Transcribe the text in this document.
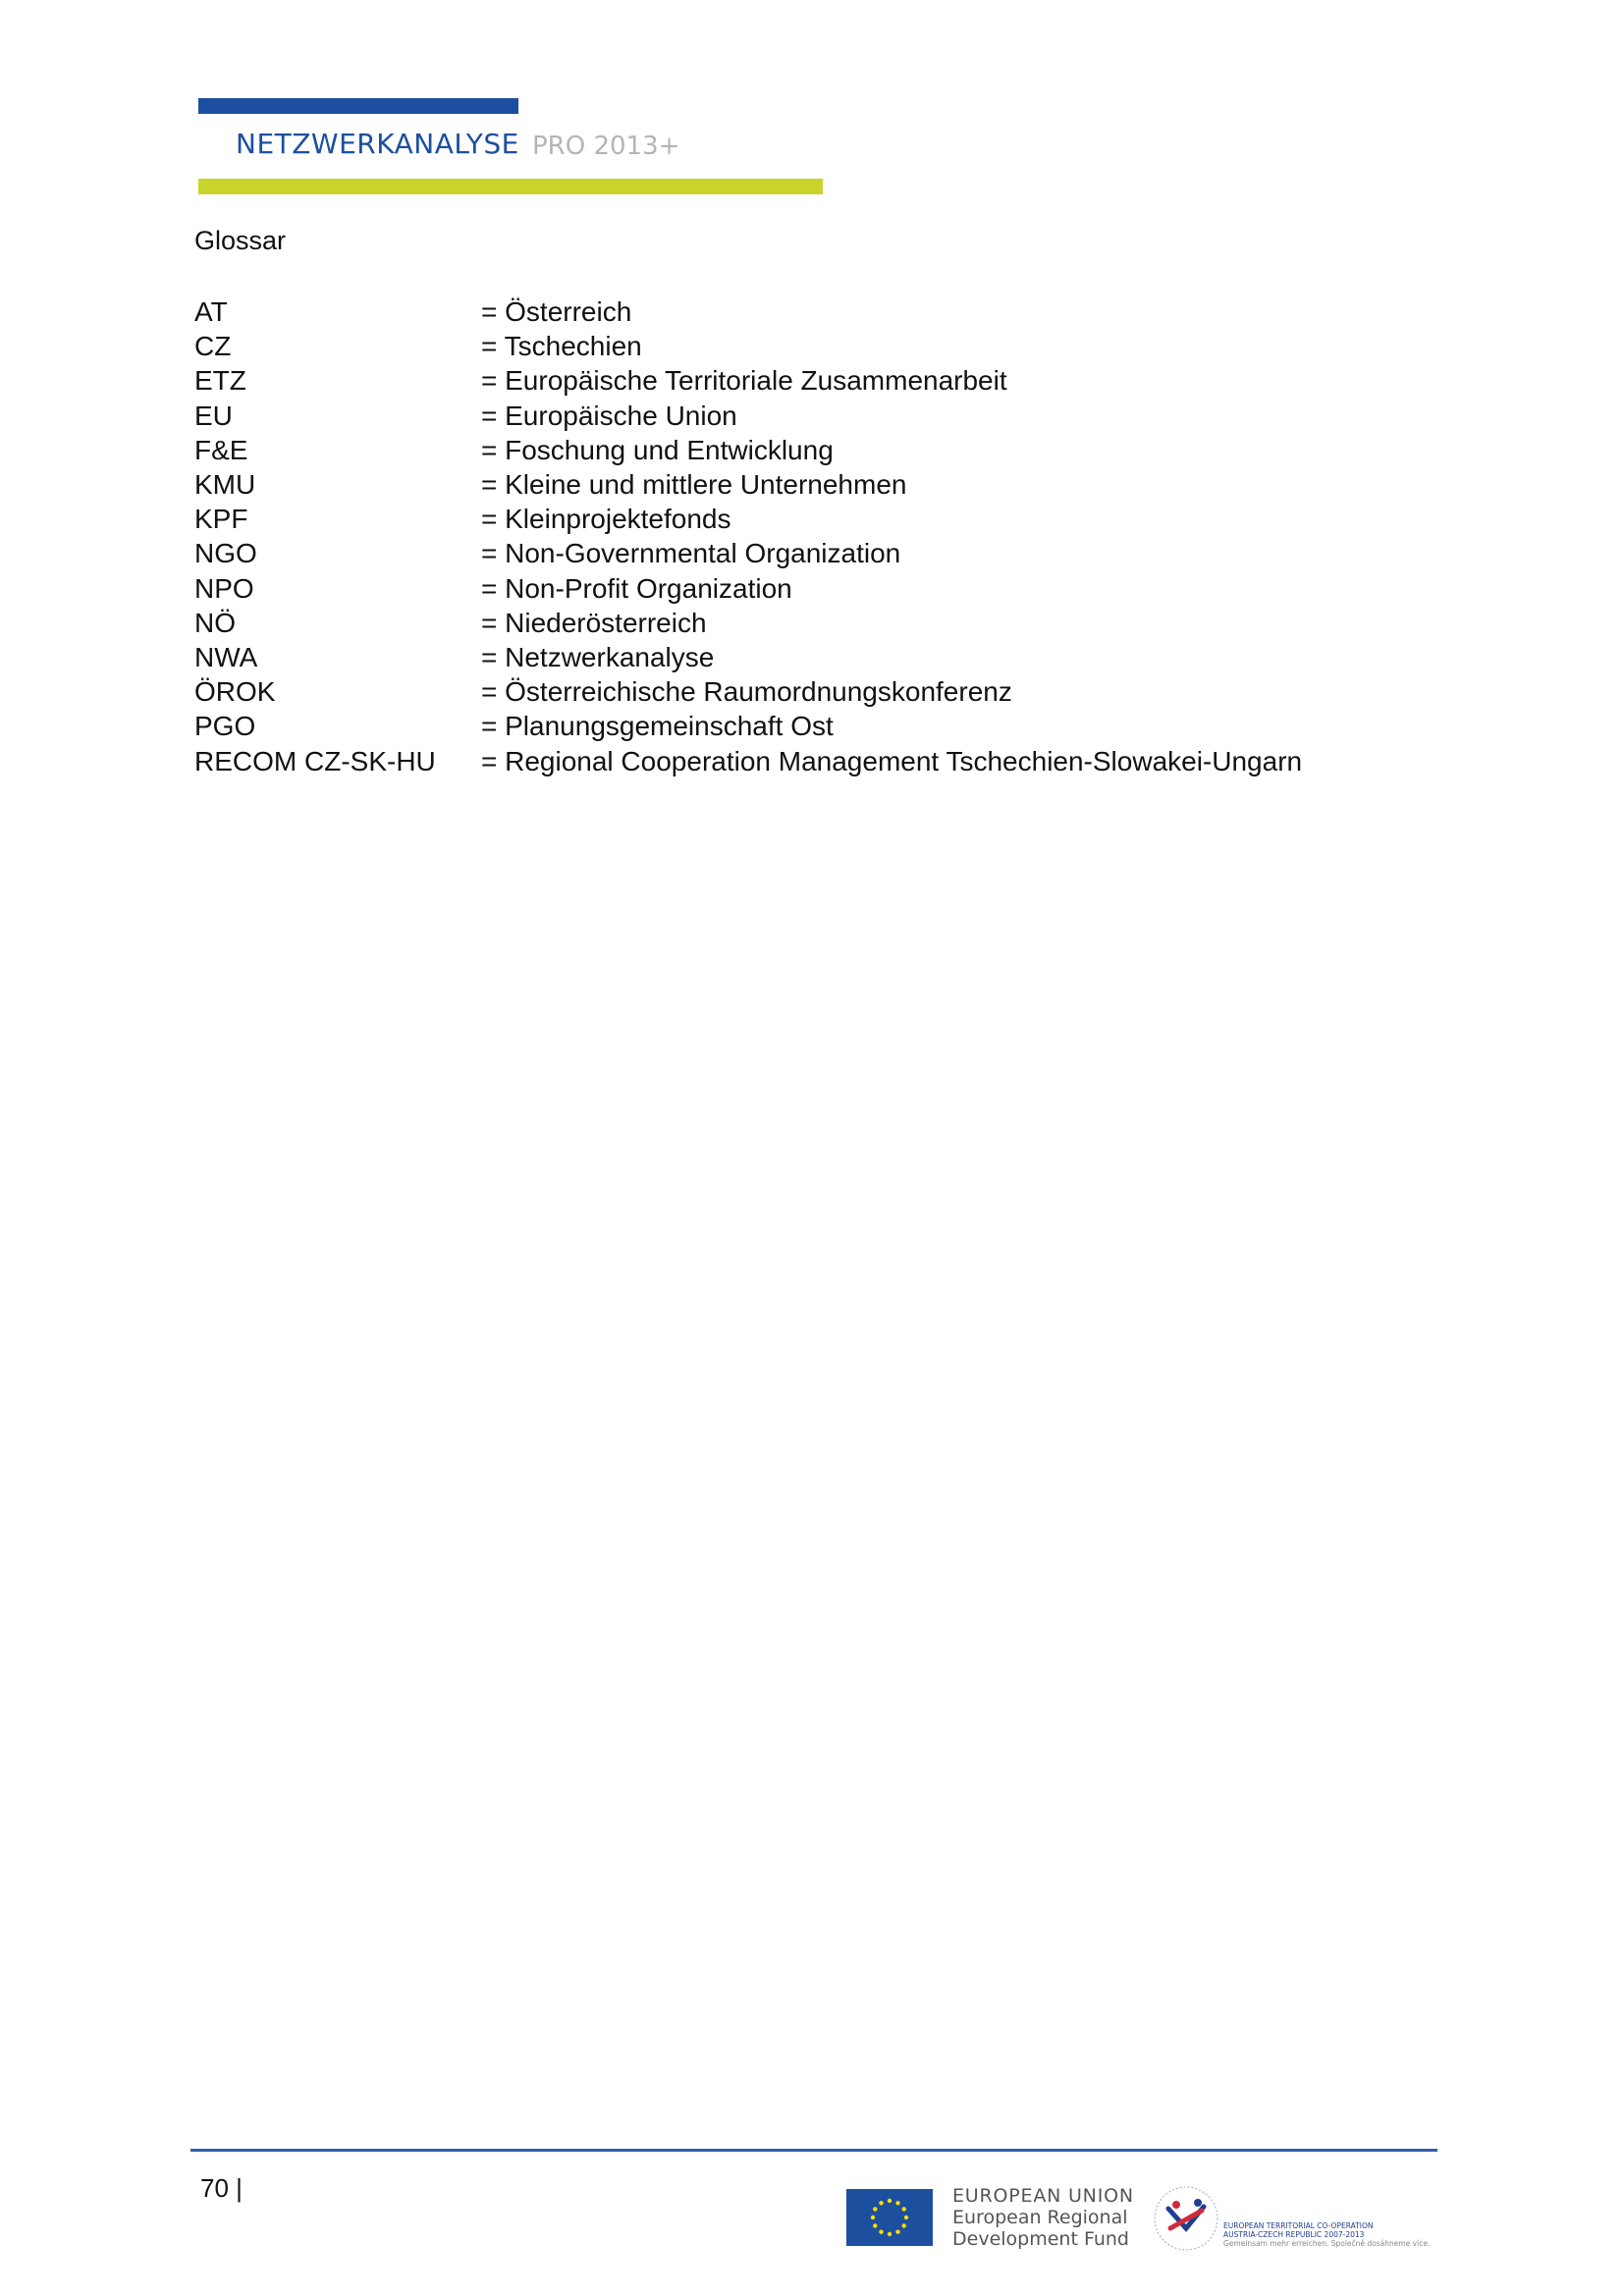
NETZWERKANALYSE PRO 2013+
Glossar
AT	= Österreich
CZ	= Tschechien
ETZ	= Europäische Territoriale Zusammenarbeit
EU	= Europäische Union
F&E	= Foschung und Entwicklung
KMU	= Kleine und mittlere Unternehmen
KPF	= Kleinprojektefonds
NGO	= Non-Governmental Organization
NPO	= Non-Profit Organization
NÖ	= Niederösterreich
NWA	= Netzwerkanalyse
ÖROK	= Österreichische Raumordnungskonferenz
PGO	= Planungsgemeinschaft Ost
RECOM CZ-SK-HU	= Regional Cooperation Management Tschechien-Slowakei-Ungarn
70 |	EUROPEAN UNION
European Regional
Development Fund
EUROPEAN TERRITORIAL CO-OPERATION
AUSTRIA-CZECH REPUBLIC 2007-2013
Gemeinsam mehr erreichen. Společně dosáhneme více.
